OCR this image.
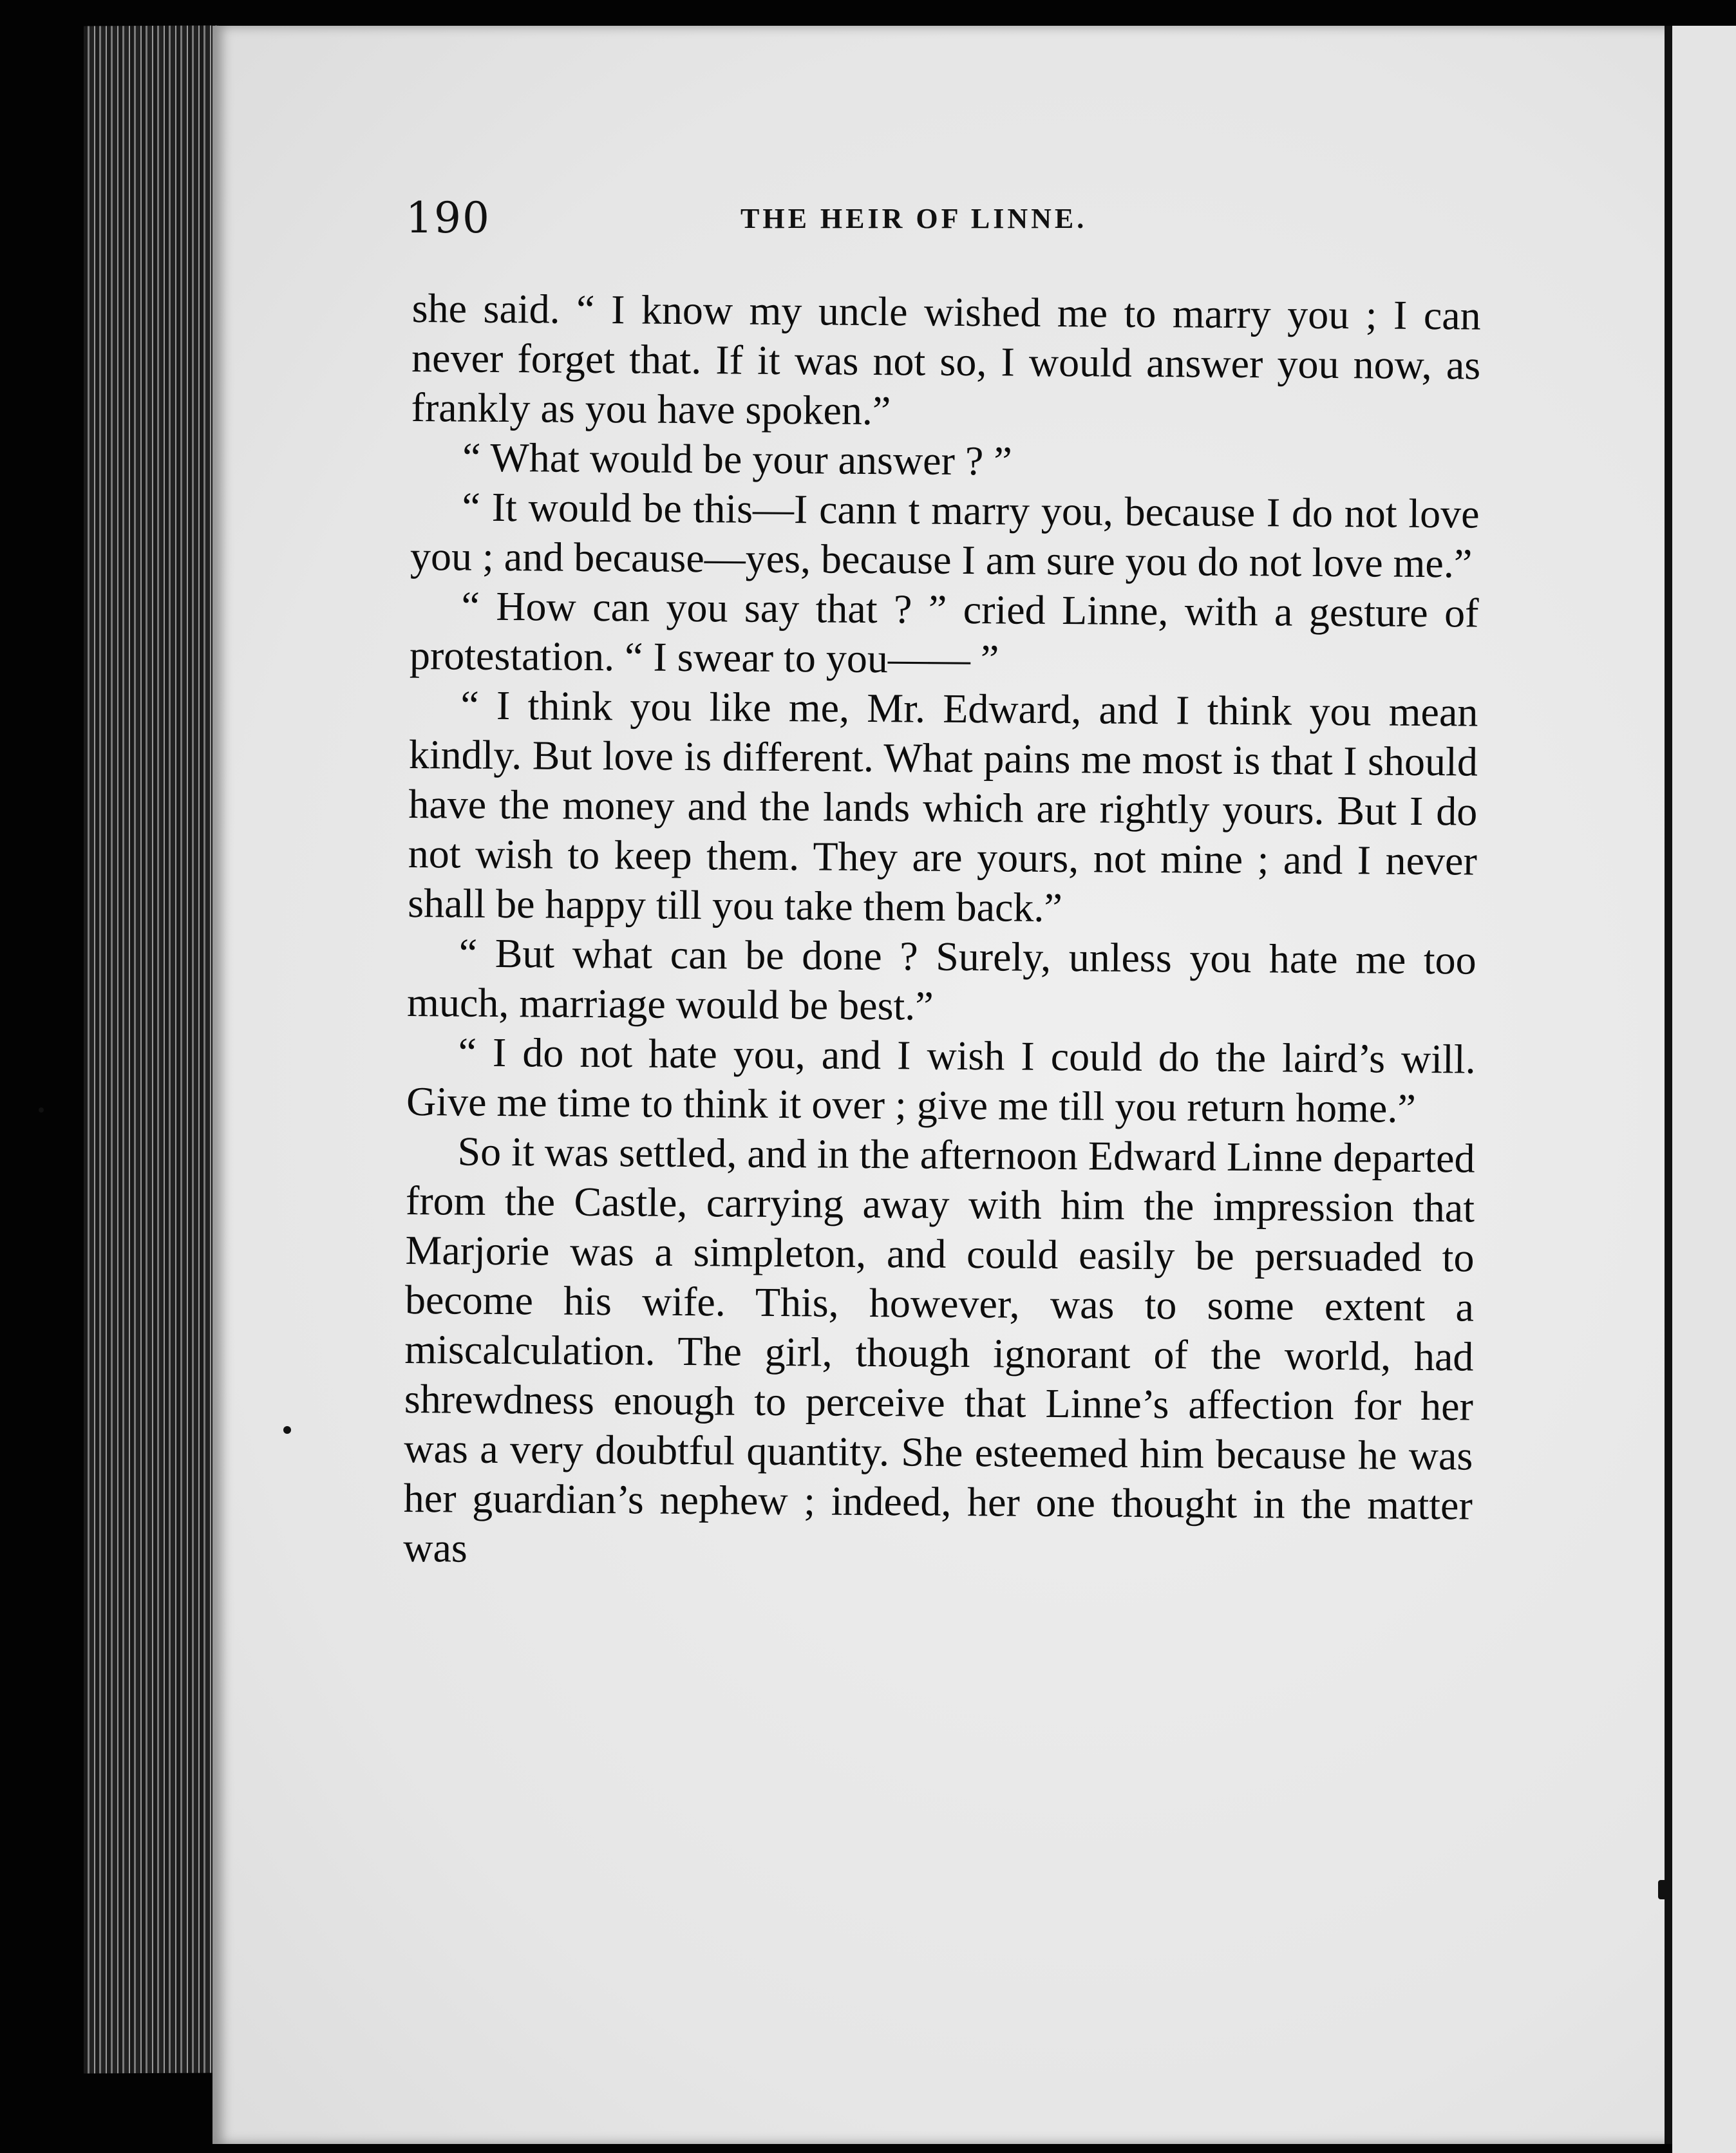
190	THE HEIR OF LINNE.

she said. “ I know my uncle wished me to marry you ; I can never forget that. If it was not so, I would answer you now, as frankly as you have spoken.”

“ What would be your answer ? ”

“ It would be this—I cann t marry you, because I do not love you ; and because—yes, because I am sure you do not love me.”

“ How can you say that ? ” cried Linne, with a gesture of protestation. “ I swear to you—— ”

“ I think you like me, Mr. Edward, and I think you mean kindly. But love is different. What pains me most is that I should have the money and the lands which are rightly yours. But I do not wish to keep them. They are yours, not mine ; and I never shall be happy till you take them back.”

“ But what can be done ? Surely, unless you hate me too much, marriage would be best.”

“ I do not hate you, and I wish I could do the laird’s will. Give me time to think it over ; give me till you return home.”

So it was settled, and in the afternoon Edward Linne departed from the Castle, carrying away with him the impression that Marjorie was a simpleton, and could easily be persuaded to become his wife. This, however, was to some extent a miscalculation. The girl, though ignorant of the world, had shrewdness enough to perceive that Linne’s affection for her was a very doubtful quantity. She esteemed him because he was her guardian’s nephew ; indeed, her one thought in the matter was
